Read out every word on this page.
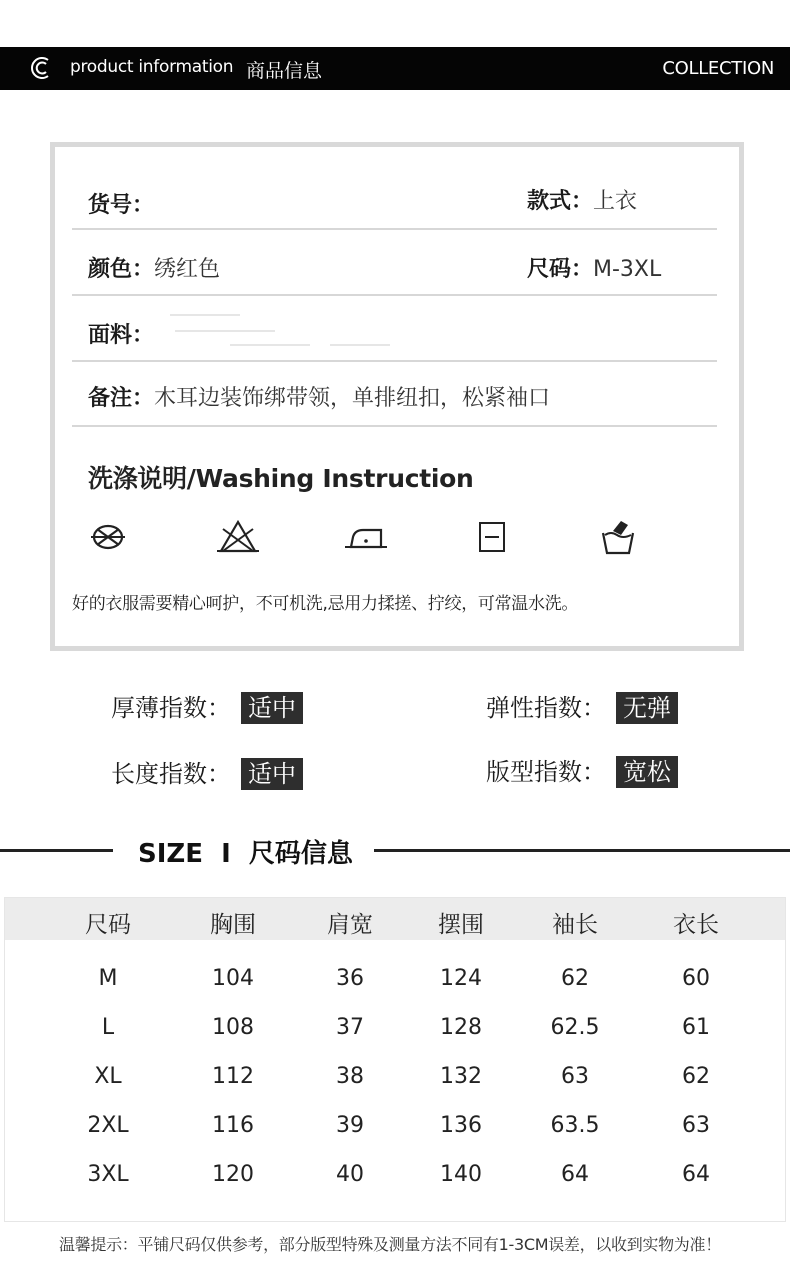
product information 商品信息	COLLECTION
货号：	款式：上衣
颜色：绣红色	尺码：M-3XL
面料：
备注：木耳边装饰绑带领，单排纽扣，松紧袖口
洗涤说明/Washing Instruction
好的衣服需要精心呵护，不可机洗,忌用力揉搓、拧绞，可常温水洗。
厚薄指数： 适中	弹性指数： 无弹
长度指数： 适中	版型指数： 宽松
SIZE  I  尺码信息
尺码	胸围	肩宽	摆围	袖长	衣长
M	104	36	124	62	60
L	108	37	128	62.5	61
XL	112	38	132	63	62
2XL	116	39	136	63.5	63
3XL	120	40	140	64	64
温馨提示：平铺尺码仅供参考，部分版型特殊及测量方法不同有1-3CM误差，以收到实物为准！
